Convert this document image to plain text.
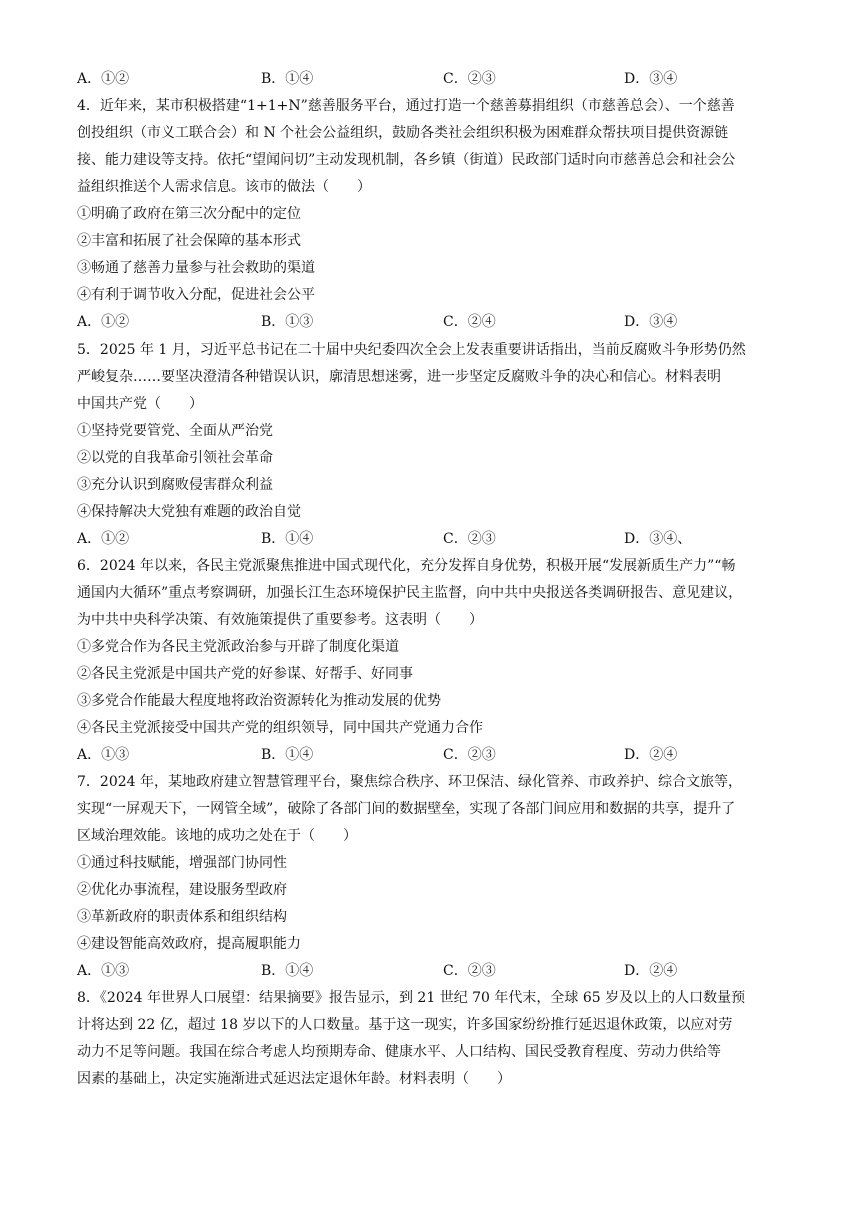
A．①②	B．①④	C．②③	D．③④
4．近年来，某市积极搭建“1+1+N”慈善服务平台，通过打造一个慈善募捐组织（市慈善总会）、一个慈善
创投组织（市义工联合会）和 N 个社会公益组织，鼓励各类社会组织积极为困难群众帮扶项目提供资源链
接、能力建设等支持。依托“望闻问切”主动发现机制，各乡镇（街道）民政部门适时向市慈善总会和社会公
益组织推送个人需求信息。该市的做法（　　）
①明确了政府在第三次分配中的定位
②丰富和拓展了社会保障的基本形式
③畅通了慈善力量参与社会救助的渠道
④有利于调节收入分配，促进社会公平
A．①②	B．①③	C．②④	D．③④
5．2025 年 1 月，习近平总书记在二十届中央纪委四次全会上发表重要讲话指出，当前反腐败斗争形势仍然
严峻复杂……要坚决澄清各种错误认识，廓清思想迷雾，进一步坚定反腐败斗争的决心和信心。材料表明
中国共产党（　　）
①坚持党要管党、全面从严治党
②以党的自我革命引领社会革命
③充分认识到腐败侵害群众利益
④保持解决大党独有难题的政治自觉
A．①②	B．①④	C．②③	D．③④、
6．2024 年以来，各民主党派聚焦推进中国式现代化，充分发挥自身优势，积极开展“发展新质生产力”“畅
通国内大循环”重点考察调研，加强长江生态环境保护民主监督，向中共中央报送各类调研报告、意见建议，
为中共中央科学决策、有效施策提供了重要参考。这表明（　　）
①多党合作为各民主党派政治参与开辟了制度化渠道
②各民主党派是中国共产党的好参谋、好帮手、好同事
③多党合作能最大程度地将政治资源转化为推动发展的优势
④各民主党派接受中国共产党的组织领导，同中国共产党通力合作
A．①③	B．①④	C．②③	D．②④
7．2024 年，某地政府建立智慧管理平台，聚焦综合秩序、环卫保洁、绿化管养、市政养护、综合文旅等，
实现“一屏观天下，一网管全域”，破除了各部门间的数据壁垒，实现了各部门间应用和数据的共享，提升了
区域治理效能。该地的成功之处在于（　　）
①通过科技赋能，增强部门协同性
②优化办事流程，建设服务型政府
③革新政府的职责体系和组织结构
④建设智能高效政府，提高履职能力
A．①③	B．①④	C．②③	D．②④
8．《2024 年世界人口展望：结果摘要》报告显示，到 21 世纪 70 年代末，全球 65 岁及以上的人口数量预
计将达到 22 亿，超过 18 岁以下的人口数量。基于这一现实，许多国家纷纷推行延迟退休政策，以应对劳
动力不足等问题。我国在综合考虑人均预期寿命、健康水平、人口结构、国民受教育程度、劳动力供给等
因素的基础上，决定实施渐进式延迟法定退休年龄。材料表明（　　）
